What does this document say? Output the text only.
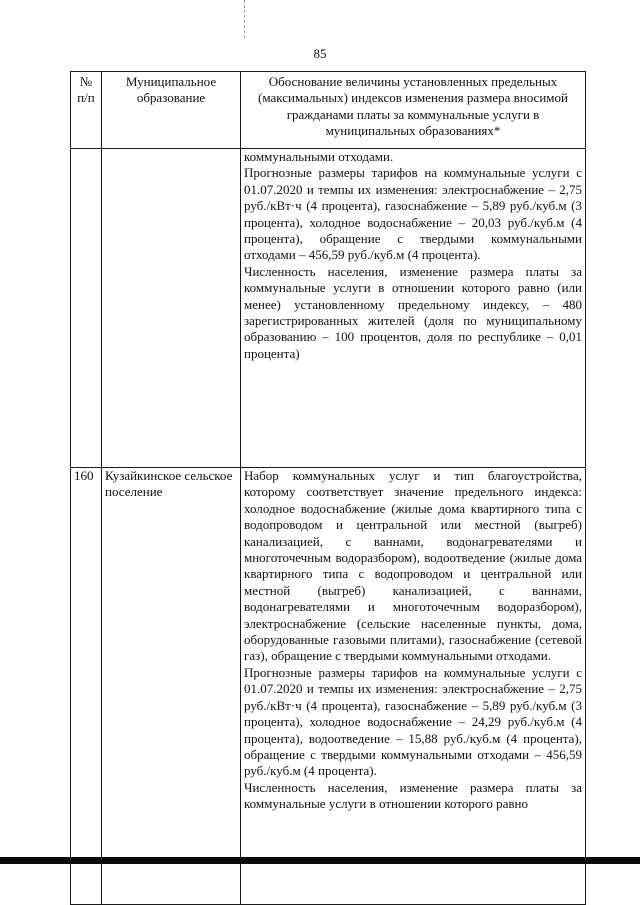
85
№ п/п	Муниципальное образование	Обоснование величины установленных предельных (максимальных) индексов изменения размера вносимой гражданами платы за коммунальные услуги в муниципальных образованиях*

		коммунальными отходами.

Прогнозные размеры тарифов на коммунальные услуги с 01.07.2020 и темпы их изменения: электроснабжение – 2,75 руб./кВт·ч (4 процента), газоснабжение – 5,89 руб./куб.м (3 процента), холодное водоснабжение – 20,03 руб./куб.м (4 процента), обращение с твердыми коммунальными отходами – 456,59 руб./куб.м (4 процента).

Численность населения, изменение размера платы за коммунальные услуги в отношении которого равно (или менее) установленному предельному индексу, – 480 зарегистрированных жителей (доля по муниципальному образованию – 100 процентов, доля по республике – 0,01 процента)

160	Кузайкинское сельское поселение	Набор коммунальных услуг и тип благоустройства, которому соответствует значение предельного индекса: холодное водоснабжение (жилые дома квартирного типа с водопроводом и центральной или местной (выгреб) канализацией, с ваннами, водонагревателями и многоточечным водоразбором), водоотведение (жилые дома квартирного типа с водопроводом и центральной или местной (выгреб) канализацией, с ваннами, водонагревателями и многоточечным водоразбором), электроснабжение (сельские населенные пункты, дома, оборудованные газовыми плитами), газоснабжение (сетевой газ), обращение с твердыми коммунальными отходами.

Прогнозные размеры тарифов на коммунальные услуги с 01.07.2020 и темпы их изменения: электроснабжение – 2,75 руб./кВт·ч (4 процента), газоснабжение – 5,89 руб./куб.м (3 процента), холодное водоснабжение – 24,29 руб./куб.м (4 процента), водоотведение – 15,88 руб./куб.м (4 процента), обращение с твердыми коммунальными отходами – 456,59 руб./куб.м (4 процента).

Численность населения, изменение размера платы за коммунальные услуги в отношении которого равно
